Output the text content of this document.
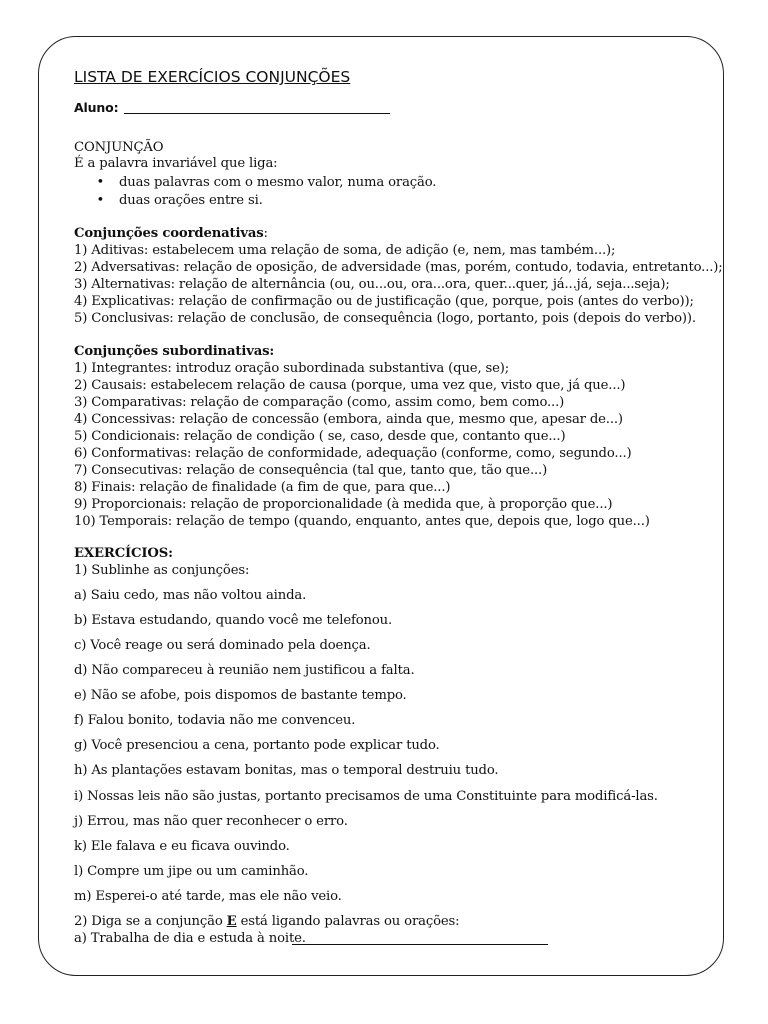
LISTA DE EXERCÍCIOS CONJUNÇÕES
Aluno:
CONJUNÇÃO
É a palavra invariável que liga:
• duas palavras com o mesmo valor, numa oração.
• duas orações entre si.
Conjunções coordenativas:
1) Aditivas: estabelecem uma relação de soma, de adição (e, nem, mas também...);
2) Adversativas: relação de oposição, de adversidade (mas, porém, contudo, todavia, entretanto...);
3) Alternativas: relação de alternância (ou, ou...ou, ora...ora, quer...quer, já...já, seja...seja);
4) Explicativas: relação de confirmação ou de justificação (que, porque, pois (antes do verbo));
5) Conclusivas: relação de conclusão, de consequência (logo, portanto, pois (depois do verbo)).
Conjunções subordinativas:
1) Integrantes: introduz oração subordinada substantiva (que, se);
2) Causais: estabelecem relação de causa (porque, uma vez que, visto que, já que...)
3) Comparativas: relação de comparação (como, assim como, bem como...)
4) Concessivas: relação de concessão (embora, ainda que, mesmo que, apesar de...)
5) Condicionais: relação de condição ( se, caso, desde que, contanto que...)
6) Conformativas: relação de conformidade, adequação (conforme, como, segundo...)
7) Consecutivas: relação de consequência (tal que, tanto que, tão que...)
8) Finais: relação de finalidade (a fim de que, para que...)
9) Proporcionais: relação de proporcionalidade (à medida que, à proporção que...)
10) Temporais: relação de tempo (quando, enquanto, antes que, depois que, logo que...)
EXERCÍCIOS:
1) Sublinhe as conjunções:
a) Saiu cedo, mas não voltou ainda.
b) Estava estudando, quando você me telefonou.
c) Você reage ou será dominado pela doença.
d) Não compareceu à reunião nem justificou a falta.
e) Não se afobe, pois dispomos de bastante tempo.
f) Falou bonito, todavia não me convenceu.
g) Você presenciou a cena, portanto pode explicar tudo.
h) As plantações estavam bonitas, mas o temporal destruiu tudo.
i) Nossas leis não são justas, portanto precisamos de uma Constituinte para modificá-las.
j) Errou, mas não quer reconhecer o erro.
k) Ele falava e eu ficava ouvindo.
l) Compre um jipe ou um caminhão.
m) Esperei-o até tarde, mas ele não veio.
2) Diga se a conjunção E está ligando palavras ou orações:
a) Trabalha de dia e estuda à noite.
